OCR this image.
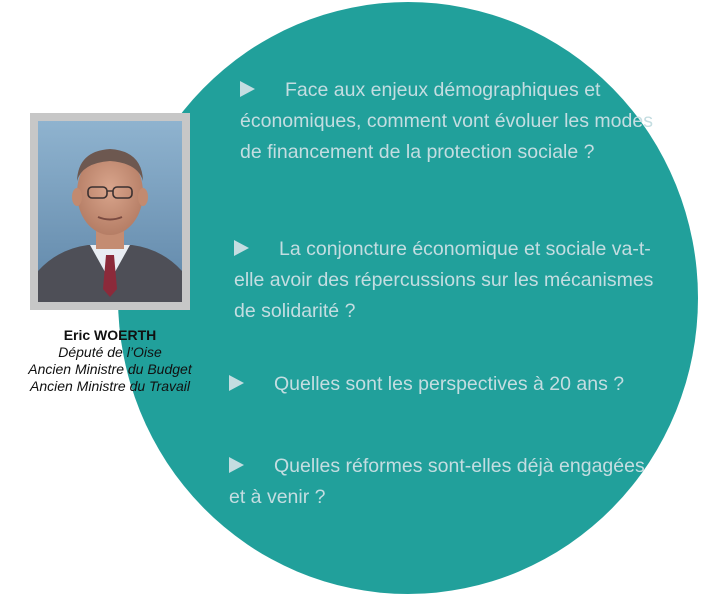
Eric WOERTH
Député de l’Oise
Ancien Ministre du Budget
Ancien Ministre du Travail

Face aux enjeux démographiques et économiques, comment vont évoluer les modes de financement de la protection sociale ?

La conjoncture économique et sociale va-t-elle avoir des répercussions sur les mécanismes de solidarité ?

Quelles sont les perspectives à 20 ans ?

Quelles réformes sont-elles déjà engagées et à venir ?
